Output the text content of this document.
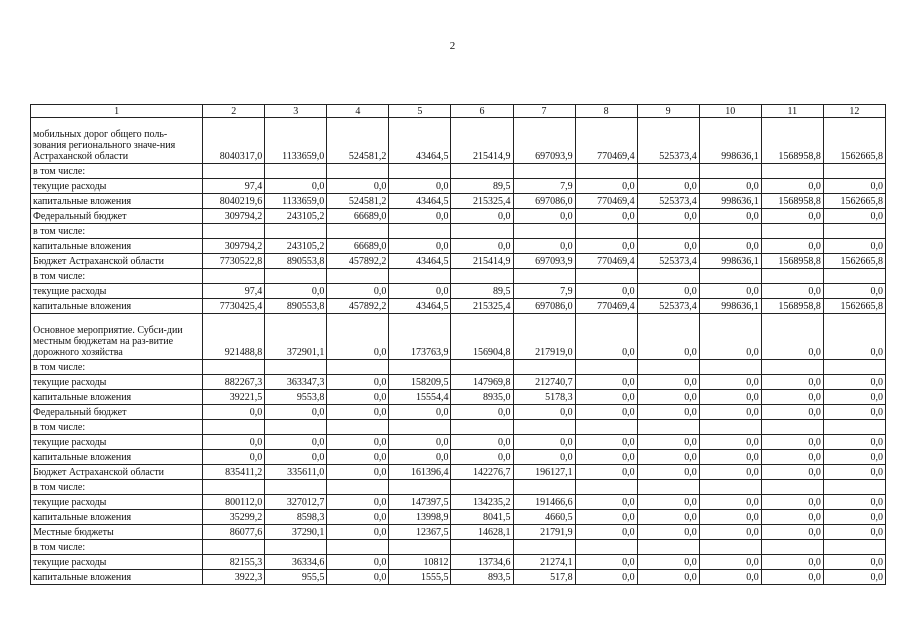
2
1	2	3	4	5	6	7	8	9	10	11	12
мобильных дорог общего поль-зования регионального значе-ния Астраханской области	8040317,0	1133659,0	524581,2	43464,5	215414,9	697093,9	770469,4	525373,4	998636,1	1568958,8	1562665,8
в том числе:											
текущие расходы	97,4	0,0	0,0	0,0	89,5	7,9	0,0	0,0	0,0	0,0	0,0
капитальные вложения	8040219,6	1133659,0	524581,2	43464,5	215325,4	697086,0	770469,4	525373,4	998636,1	1568958,8	1562665,8
Федеральный бюджет	309794,2	243105,2	66689,0	0,0	0,0	0,0	0,0	0,0	0,0	0,0	0,0
в том числе:											
капитальные вложения	309794,2	243105,2	66689,0	0,0	0,0	0,0	0,0	0,0	0,0	0,0	0,0
Бюджет Астраханской области	7730522,8	890553,8	457892,2	43464,5	215414,9	697093,9	770469,4	525373,4	998636,1	1568958,8	1562665,8
в том числе:											
текущие расходы	97,4	0,0	0,0	0,0	89,5	7,9	0,0	0,0	0,0	0,0	0,0
капитальные вложения	7730425,4	890553,8	457892,2	43464,5	215325,4	697086,0	770469,4	525373,4	998636,1	1568958,8	1562665,8
Основное мероприятие. Субси-дии местным бюджетам на раз-витие дорожного хозяйства	921488,8	372901,1	0,0	173763,9	156904,8	217919,0	0,0	0,0	0,0	0,0	0,0
в том числе:											
текущие расходы	882267,3	363347,3	0,0	158209,5	147969,8	212740,7	0,0	0,0	0,0	0,0	0,0
капитальные вложения	39221,5	9553,8	0,0	15554,4	8935,0	5178,3	0,0	0,0	0,0	0,0	0,0
Федеральный бюджет	0,0	0,0	0,0	0,0	0,0	0,0	0,0	0,0	0,0	0,0	0,0
в том числе:											
текущие расходы	0,0	0,0	0,0	0,0	0,0	0,0	0,0	0,0	0,0	0,0	0,0
капитальные вложения	0,0	0,0	0,0	0,0	0,0	0,0	0,0	0,0	0,0	0,0	0,0
Бюджет Астраханской области	835411,2	335611,0	0,0	161396,4	142276,7	196127,1	0,0	0,0	0,0	0,0	0,0
в том числе:											
текущие расходы	800112,0	327012,7	0,0	147397,5	134235,2	191466,6	0,0	0,0	0,0	0,0	0,0
капитальные вложения	35299,2	8598,3	0,0	13998,9	8041,5	4660,5	0,0	0,0	0,0	0,0	0,0
Местные бюджеты	86077,6	37290,1	0,0	12367,5	14628,1	21791,9	0,0	0,0	0,0	0,0	0,0
в том числе:											
текущие расходы	82155,3	36334,6	0,0	10812	13734,6	21274,1	0,0	0,0	0,0	0,0	0,0
капитальные вложения	3922,3	955,5	0,0	1555,5	893,5	517,8	0,0	0,0	0,0	0,0	0,0
